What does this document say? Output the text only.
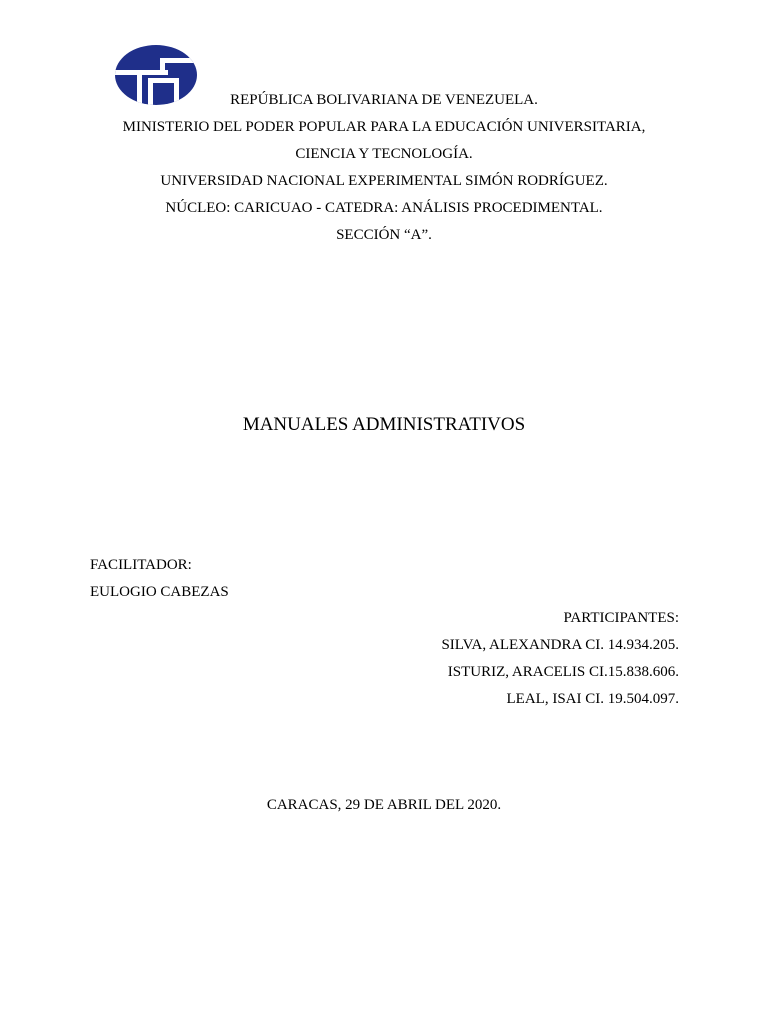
REPÚBLICA BOLIVARIANA DE VENEZUELA.
MINISTERIO DEL PODER POPULAR PARA LA EDUCACIÓN UNIVERSITARIA,
CIENCIA Y TECNOLOGÍA.
UNIVERSIDAD NACIONAL EXPERIMENTAL SIMÓN RODRÍGUEZ.
NÚCLEO: CARICUAO - CATEDRA: ANÁLISIS PROCEDIMENTAL.
SECCIÓN “A”.
MANUALES ADMINISTRATIVOS
FACILITADOR:
EULOGIO CABEZAS
PARTICIPANTES:
SILVA, ALEXANDRA CI. 14.934.205.
ISTURIZ, ARACELIS CI.15.838.606.
LEAL, ISAI CI. 19.504.097.
CARACAS, 29 DE ABRIL DEL 2020.
